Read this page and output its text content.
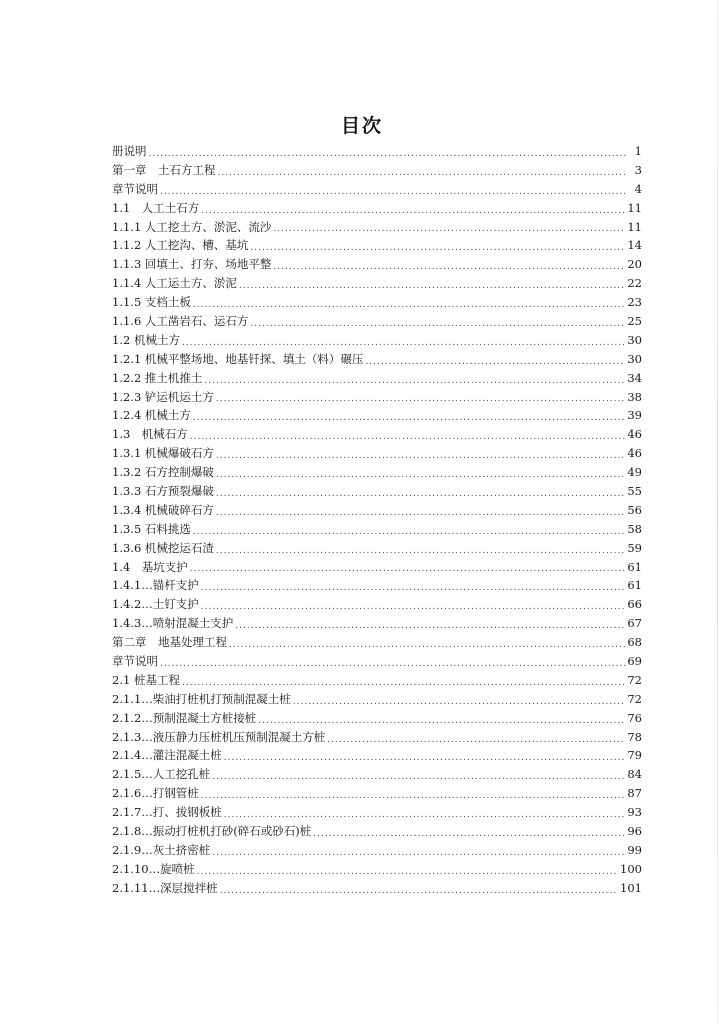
目次
册说明 .....	1
第一章　土石方工程 .....	3
章节说明 .....	4
1.1　人工土石方 .....	11
1.1.1 人工挖土方、淤泥、流沙 .....	11
1.1.2 人工挖沟、槽、基坑 .....	14
1.1.3 回填土、打夯、场地平整 .....	20
1.1.4 人工运土方、淤泥 .....	22
1.1.5 支档土板 .....	23
1.1.6 人工凿岩石、运石方 .....	25
1.2 机械土方 .....	30
1.2.1 机械平整场地、地基钎探、填土（料）碾压 .....	30
1.2.2 推土机推土 .....	34
1.2.3 铲运机运土方 .....	38
1.2.4 机械土方 .....	39
1.3　机械石方 .....	46
1.3.1 机械爆破石方 .....	46
1.3.2 石方控制爆破 .....	49
1.3.3 石方预裂爆破 .....	55
1.3.4 机械破碎石方 .....	56
1.3.5 石料挑选 .....	58
1.3.6 机械挖运石渣 .....	59
1.4　基坑支护 .....	61
1.4.1…锚杆支护 .....	61
1.4.2…土钉支护 .....	66
1.4.3…喷射混凝土支护 .....	67
第二章　地基处理工程 .....	68
章节说明 .....	69
2.1 桩基工程 .....	72
2.1.1…柴油打桩机打预制混凝土桩 .....	72
2.1.2…预制混凝土方桩接桩 .....	76
2.1.3…液压静力压桩机压预制混凝土方桩 .....	78
2.1.4…灌注混凝土桩 .....	79
2.1.5…人工挖孔桩 .....	84
2.1.6…打钢管桩 .....	87
2.1.7…打、拔钢板桩 .....	93
2.1.8…振动打桩机打砂(碎石或砂石)桩 .....	96
2.1.9…灰土挤密桩 .....	99
2.1.10…旋喷桩 .....	100
2.1.11…深层搅拌桩 .....	101
